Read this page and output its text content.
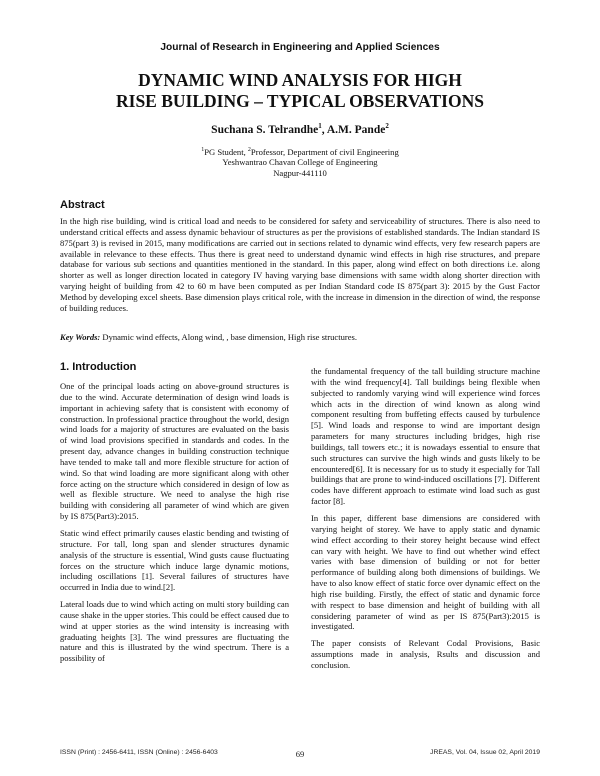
Journal of Research in Engineering and Applied Sciences
DYNAMIC WIND ANALYSIS FOR HIGH
RISE BUILDING – TYPICAL OBSERVATIONS
Suchana S. Telrandhe$^1$, A.M. Pande$^2$
$^1$PG Student, $^2$Professor, Department of civil Engineering
Yeshwantrao Chavan College of Engineering
Nagpur-441110
Abstract
In the high rise building, wind is critical load and needs to be considered for safety and serviceability of structures. There is also need to understand critical effects and assess dynamic behaviour of structures as per the provisions of established standards. The Indian standard IS 875(part 3) is revised in 2015, many modifications are carried out in sections related to dynamic wind effects, very few research papers are available in relevance to these effects. Thus there is great need to understand dynamic wind effects in high rise structures, and prepare database for various sub sections and quantities mentioned in the standard. In this paper, along wind effect on both directions i.e. along shorter as well as longer direction located in category IV having varying base dimensions with same width along shorter direction with varying height of building from 42 to 60 m have been computed as per Indian Standard code IS 875(part 3): 2015 by the Gust Factor Method by developing excel sheets. Base dimension plays critical role, with the increase in dimension in the direction of wind, the response of building reduces.
Key Words: Dynamic wind effects, Along wind, , base dimension, High rise structures.
1. Introduction

One of the principal loads acting on above-ground structures is due to the wind. Accurate determination of design wind loads is important in achieving safety that is consistent with economy of construction. In professional practice throughout the world, design wind loads for a majority of structures are evaluated on the basis of wind load provisions specified in standards and codes. In the present day, advance changes in building construction technique have tended to make tall and more flexible structure for action of wind. So that wind loading are more significant along with other force acting on the structure which considered in design of low as well as flexible structure. We need to analyse the high rise building with considering all parameter of wind which are given by IS 875(Part3):2015.

Static wind effect primarily causes elastic bending and twisting of structure. For tall, long span and slender structures dynamic analysis of the structure is essential, Wind gusts cause fluctuating forces on the structure which induce large dynamic motions, including oscillations [1]. Several failures of structures have occurred in India due to wind.[2].

Lateral loads due to wind which acting on multi story building can cause shake in the upper stories. This could be effect caused due to wind at upper stories as the wind intensity is increasing with graduating heights [3]. The wind pressures are fluctuating the nature and this is illustrated by the wind spectrum. There is a possibility of

the fundamental frequency of the tall building structure machine with the wind frequency[4]. Tall buildings being flexible when subjected to randomly varying wind will experience wind forces which acts in the direction of wind known as along wind component resulting from buffeting effects caused by turbulence [5]. Wind loads and response to wind are important design parameters for many structures including bridges, high rise buildings, tall towers etc.; it is nowadays essential to ensure that such structures can survive the high winds and gusts likely to be encountered[6]. It is necessary for us to study it especially for Tall buildings that are prone to wind-induced oscillations [7]. Different codes have different approach to estimate wind load such as gust factor [8].

In this paper, different base dimensions are considered with varying height of storey. We have to apply static and dynamic wind effect according to their storey height because wind effect can vary with height. We have to find out whether wind effect varies with base dimension of building or not for better performance of building along both dimensions of buildings. We have to also know effect of static force over dynamic effect on the high rise building. Firstly, the effect of static and dynamic force with respect to base dimension and height of building with all considering parameter of wind as per IS 875(Part3):2015 is investigated.

The paper consists of Relevant Codal Provisions, Basic assumptions made in analysis, Rsults and discussion and conclusion.

ISSN (Print) : 2456-6411, ISSN (Online) : 2456-6403	69	JREAS, Vol. 04, Issue 02, April 2019
